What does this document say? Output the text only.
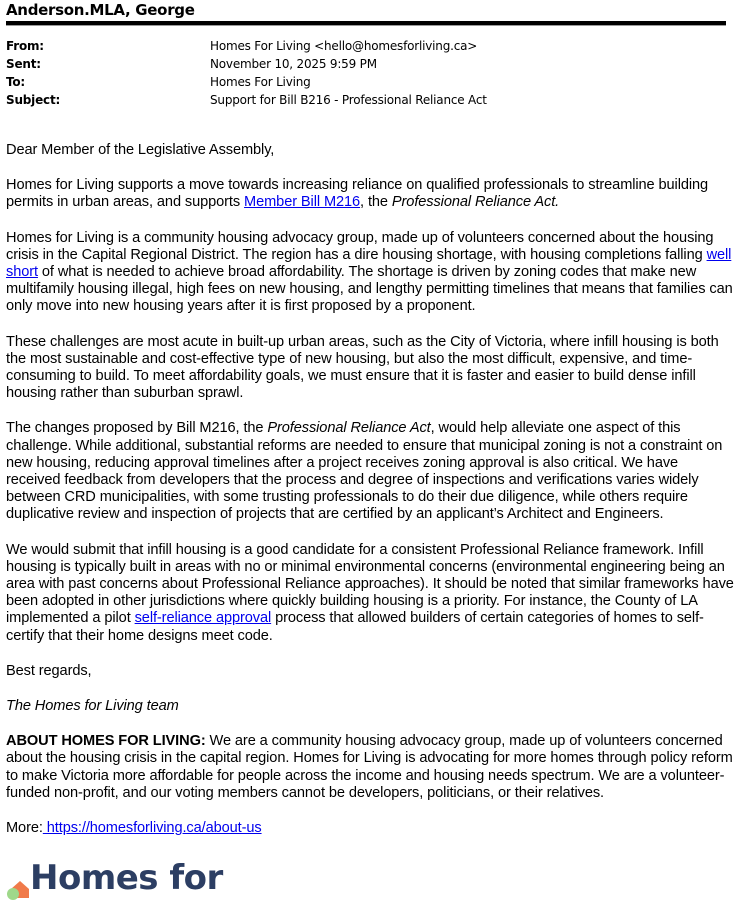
Anderson.MLA, George
From:	Homes For Living <hello@homesforliving.ca>
Sent:	November 10, 2025 9:59 PM
To:	Homes For Living
Subject:	Support for Bill B216 - Professional Reliance Act

Dear Member of the Legislative Assembly,

Homes for Living supports a move towards increasing reliance on qualified professionals to streamline building permits in urban areas, and supports Member Bill M216, the Professional Reliance Act.

Homes for Living is a community housing advocacy group, made up of volunteers concerned about the housing crisis in the Capital Regional District. The region has a dire housing shortage, with housing completions falling well short of what is needed to achieve broad affordability. The shortage is driven by zoning codes that make new multifamily housing illegal, high fees on new housing, and lengthy permitting timelines that means that families can only move into new housing years after it is first proposed by a proponent.

These challenges are most acute in built-up urban areas, such as the City of Victoria, where infill housing is both the most sustainable and cost-effective type of new housing, but also the most difficult, expensive, and time-consuming to build. To meet affordability goals, we must ensure that it is faster and easier to build dense infill housing rather than suburban sprawl.

The changes proposed by Bill M216, the Professional Reliance Act, would help alleviate one aspect of this challenge. While additional, substantial reforms are needed to ensure that municipal zoning is not a constraint on new housing, reducing approval timelines after a project receives zoning approval is also critical. We have received feedback from developers that the process and degree of inspections and verifications varies widely between CRD municipalities, with some trusting professionals to do their due diligence, while others require duplicative review and inspection of projects that are certified by an applicant’s Architect and Engineers.

We would submit that infill housing is a good candidate for a consistent Professional Reliance framework. Infill housing is typically built in areas with no or minimal environmental concerns (environmental engineering being an area with past concerns about Professional Reliance approaches). It should be noted that similar frameworks have been adopted in other jurisdictions where quickly building housing is a priority. For instance, the County of LA implemented a pilot self-reliance approval process that allowed builders of certain categories of homes to self-certify that their home designs meet code.

Best regards,

The Homes for Living team

ABOUT HOMES FOR LIVING: We are a community housing advocacy group, made up of volunteers concerned about the housing crisis in the capital region. Homes for Living is advocating for more homes through policy reform to make Victoria more affordable for people across the income and housing needs spectrum. We are a volunteer-funded non-profit, and our voting members cannot be developers, politicians, or their relatives.

More: https://homesforliving.ca/about-us

Homes for
